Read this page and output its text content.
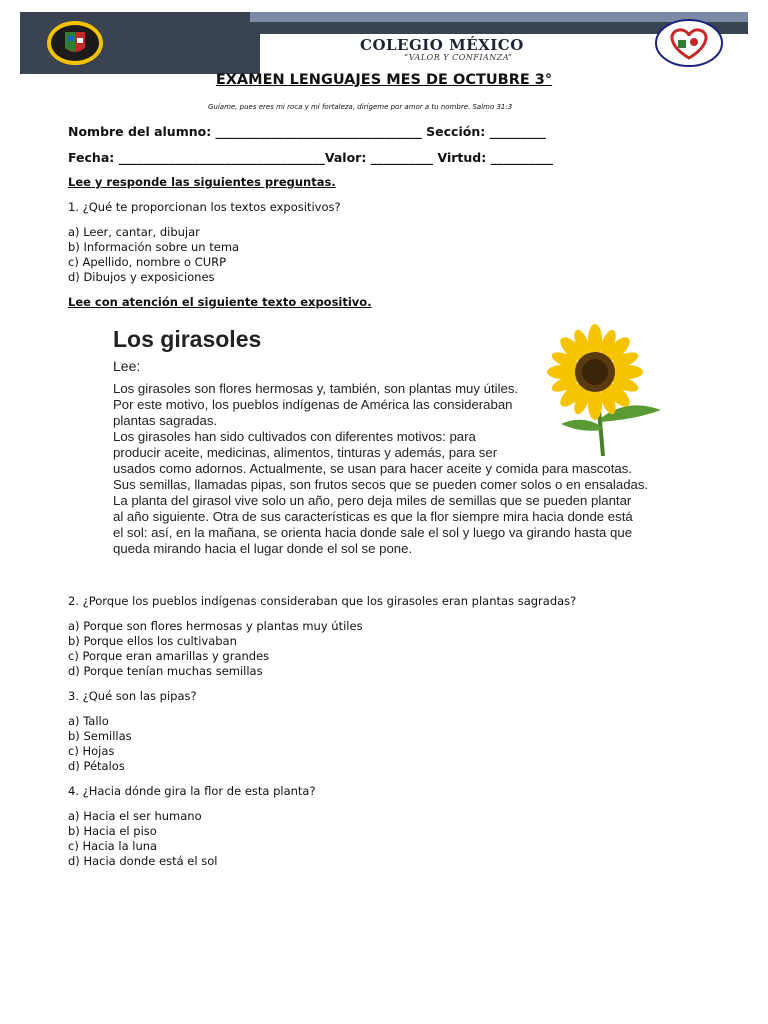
COLEGIO MÉXICO
“VALOR Y CONFIANZA”
EXAMEN LENGUAJES MES DE OCTUBRE 3°
Guíame, pues eres mi roca y mi fortaleza, dirígeme por amor a tu nombre. Salmo 31:3
Nombre del alumno: _________________________________ Sección: _________
Fecha: _________________________________Valor: __________ Virtud: __________
Lee y responde las siguientes preguntas.
1. ¿Qué te proporcionan los textos expositivos?
a) Leer, cantar, dibujar
b) Información sobre un tema
c) Apellido, nombre o CURP
d) Dibujos y exposiciones
Lee con atención el siguiente texto expositivo.
Los girasoles
Lee:
Los girasoles son flores hermosas y, también, son plantas muy útiles.
Por este motivo, los pueblos indígenas de América las consideraban
plantas sagradas.
Los girasoles han sido cultivados con diferentes motivos: para
producir aceite, medicinas, alimentos, tinturas y además, para ser
usados como adornos. Actualmente, se usan para hacer aceite y comida para mascotas.
Sus semillas, llamadas pipas, son frutos secos que se pueden comer solos o en ensaladas.
La planta del girasol vive solo un año, pero deja miles de semillas que se pueden plantar
al año siguiente. Otra de sus características es que la flor siempre mira hacia donde está
el sol: así, en la mañana, se orienta hacia donde sale el sol y luego va girando hasta que
queda mirando hacia el lugar donde el sol se pone.
2. ¿Porque los pueblos indígenas consideraban que los girasoles eran plantas sagradas?
a) Porque son flores hermosas y plantas muy útiles
b) Porque ellos los cultivaban
c) Porque eran amarillas y grandes
d) Porque tenían muchas semillas
3. ¿Qué son las pipas?
a) Tallo
b) Semillas
c) Hojas
d) Pétalos
4. ¿Hacia dónde gira la flor de esta planta?
a) Hacia el ser humano
b) Hacia el piso
c) Hacia la luna
d) Hacia donde está el sol
